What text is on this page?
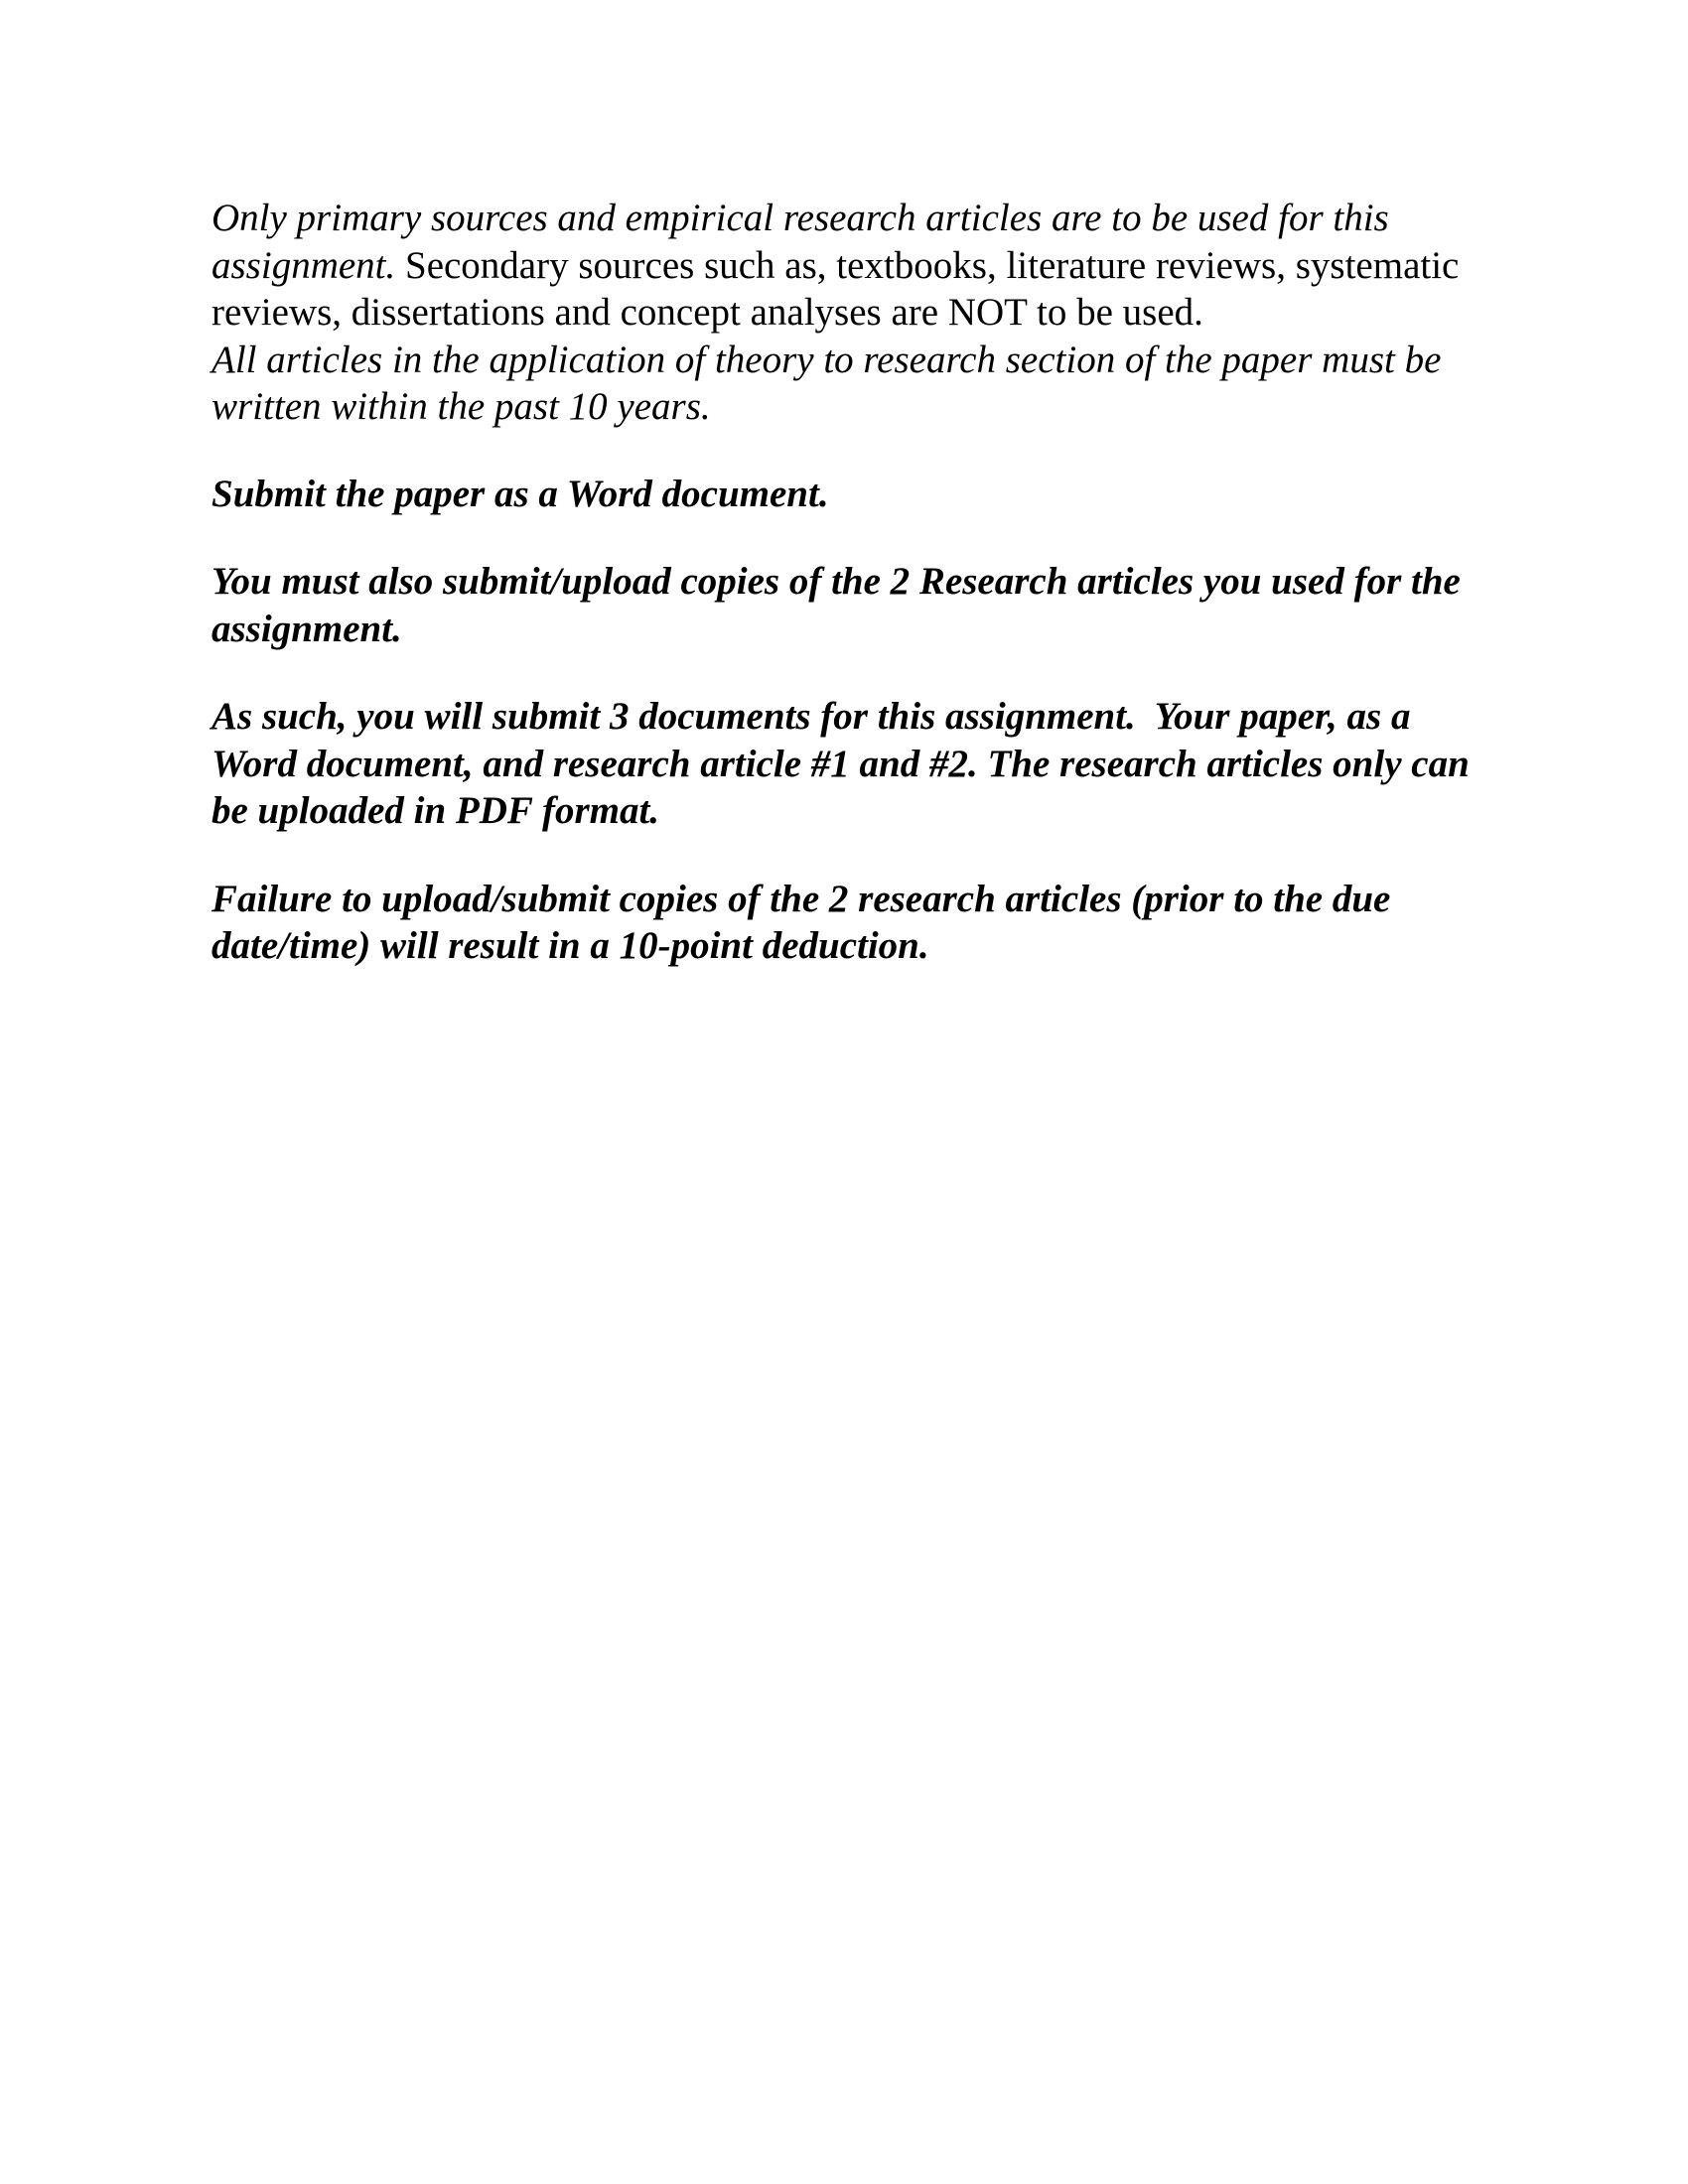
Only primary sources and empirical research articles are to be used for this assignment. Secondary sources such as, textbooks, literature reviews, systematic reviews, dissertations and concept analyses are NOT to be used.
All articles in the application of theory to research section of the paper must be written within the past 10 years.

Submit the paper as a Word document.

You must also submit/upload copies of the 2 Research articles you used for the assignment.

As such, you will submit 3 documents for this assignment.  Your paper, as a Word document, and research article #1 and #2. The research articles only can be uploaded in PDF format.

Failure to upload/submit copies of the 2 research articles (prior to the due date/time) will result in a 10-point deduction.
